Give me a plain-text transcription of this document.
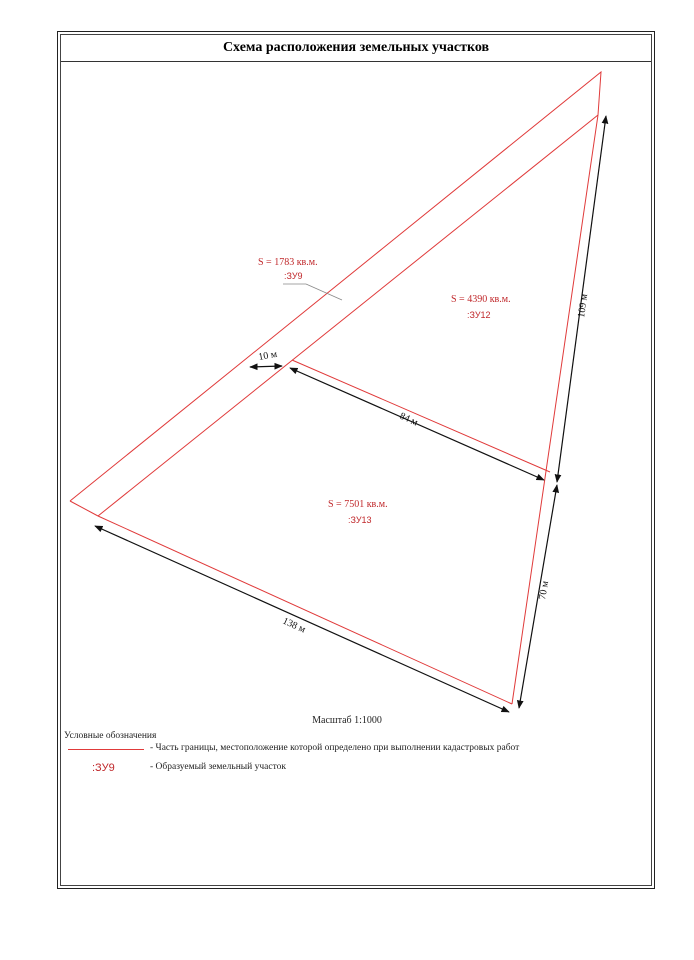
Схема расположения земельных участков
S = 1783 кв.м.
:ЗУ9
S = 4390 кв.м.
:ЗУ12
S = 7501 кв.м.
:ЗУ13
10 м
84 м
109 м
70 м
138 м
Масштаб 1:1000
Условные обозначения
- Часть границы, местоположение которой определено при выполнении кадастровых работ
:ЗУ9	- Образуемый земельный участок
